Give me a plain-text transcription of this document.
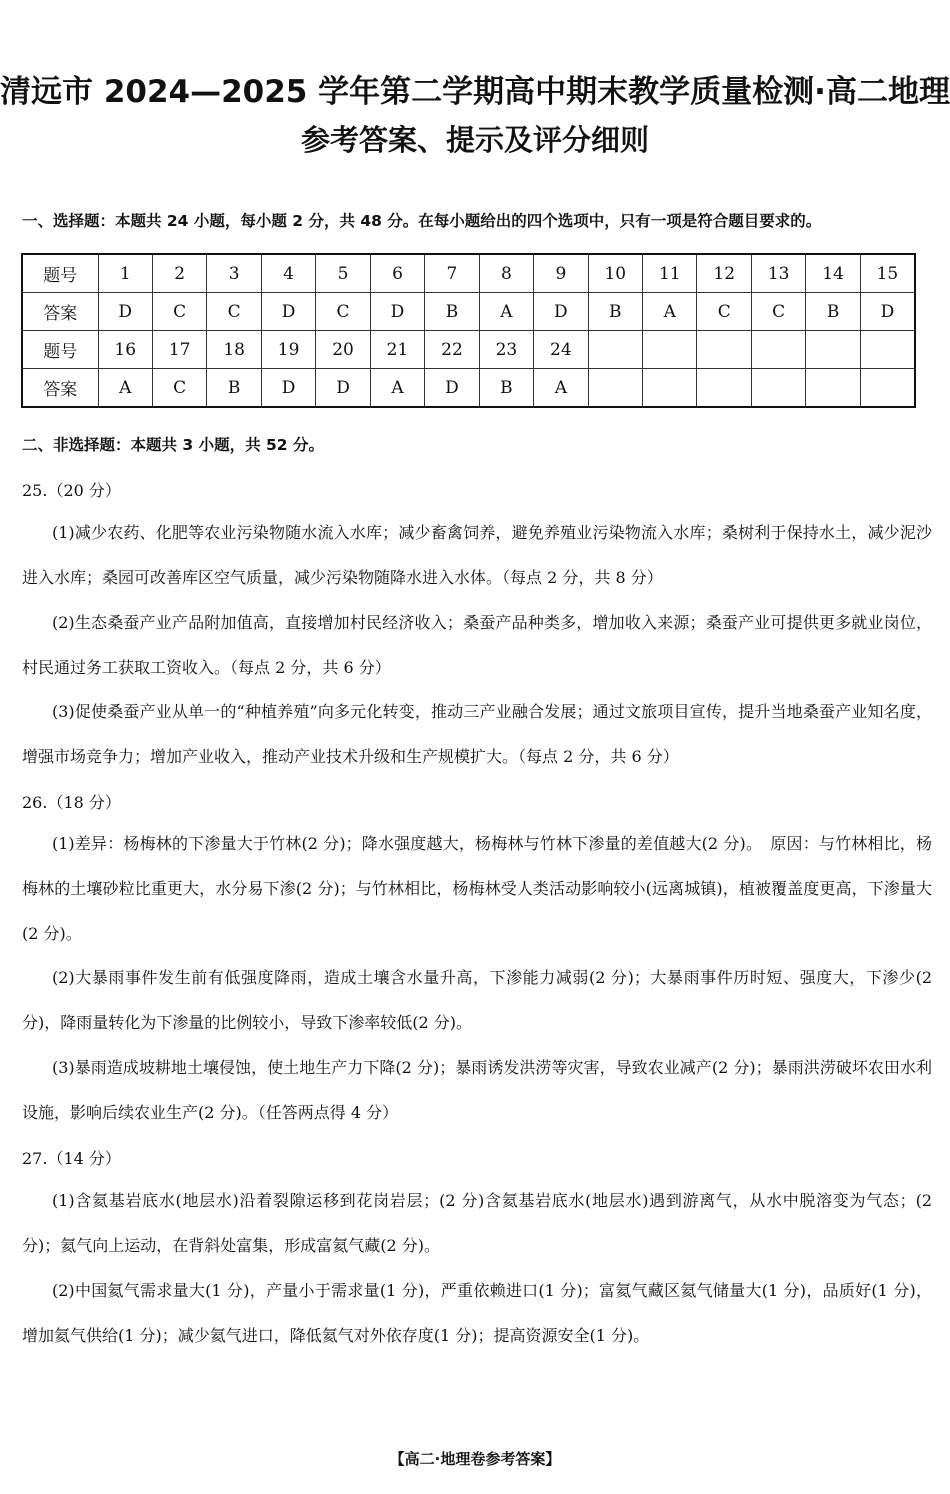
清远市 2024—2025 学年第二学期高中期末教学质量检测·高二地理
参考答案、提示及评分细则
一、选择题：本题共 24 小题，每小题 2 分，共 48 分。在每小题给出的四个选项中，只有一项是符合题目要求的。
题号	1	2	3	4	5	6	7	8	9	10	11	12	13	14	15
答案	D	C	C	D	C	D	B	A	D	B	A	C	C	B	D
题号	16	17	18	19	20	21	22	23	24						
答案	A	C	B	D	D	A	D	B	A						
二、非选择题：本题共 3 小题，共 52 分。
25.（20 分）
(1)减少农药、化肥等农业污染物随水流入水库；减少畜禽饲养，避免养殖业污染物流入水库；桑树利于保持水土，减少泥沙进入水库；桑园可改善库区空气质量，减少污染物随降水进入水体。（每点 2 分，共 8 分）
(2)生态桑蚕产业产品附加值高，直接增加村民经济收入；桑蚕产品种类多，增加收入来源；桑蚕产业可提供更多就业岗位，村民通过务工获取工资收入。（每点 2 分，共 6 分）
(3)促使桑蚕产业从单一的“种植养殖”向多元化转变，推动三产业融合发展；通过文旅项目宣传，提升当地桑蚕产业知名度，增强市场竞争力；增加产业收入，推动产业技术升级和生产规模扩大。（每点 2 分，共 6 分）
26.（18 分）
(1)差异：杨梅林的下渗量大于竹林(2 分)；降水强度越大，杨梅林与竹林下渗量的差值越大(2 分)。　原因：与竹林相比，杨梅林的土壤砂粒比重更大，水分易下渗(2 分)；与竹林相比，杨梅林受人类活动影响较小(远离城镇)，植被覆盖度更高，下渗量大(2 分)。
(2)大暴雨事件发生前有低强度降雨，造成土壤含水量升高，下渗能力减弱(2 分)；大暴雨事件历时短、强度大，下渗少(2 分)，降雨量转化为下渗量的比例较小，导致下渗率较低(2 分)。
(3)暴雨造成坡耕地土壤侵蚀，使土地生产力下降(2 分)；暴雨诱发洪涝等灾害，导致农业减产(2 分)；暴雨洪涝破坏农田水利设施，影响后续农业生产(2 分)。（任答两点得 4 分）
27.（14 分）
(1)含氦基岩底水(地层水)沿着裂隙运移到花岗岩层；(2 分)含氦基岩底水(地层水)遇到游离气，从水中脱溶变为气态；(2 分)；氦气向上运动，在背斜处富集，形成富氦气藏(2 分)。
(2)中国氦气需求量大(1 分)，产量小于需求量(1 分)，严重依赖进口(1 分)；富氦气藏区氦气储量大(1 分)，品质好(1 分)，增加氦气供给(1 分)；减少氦气进口，降低氦气对外依存度(1 分)；提高资源安全(1 分)。
【高二·地理卷参考答案】
